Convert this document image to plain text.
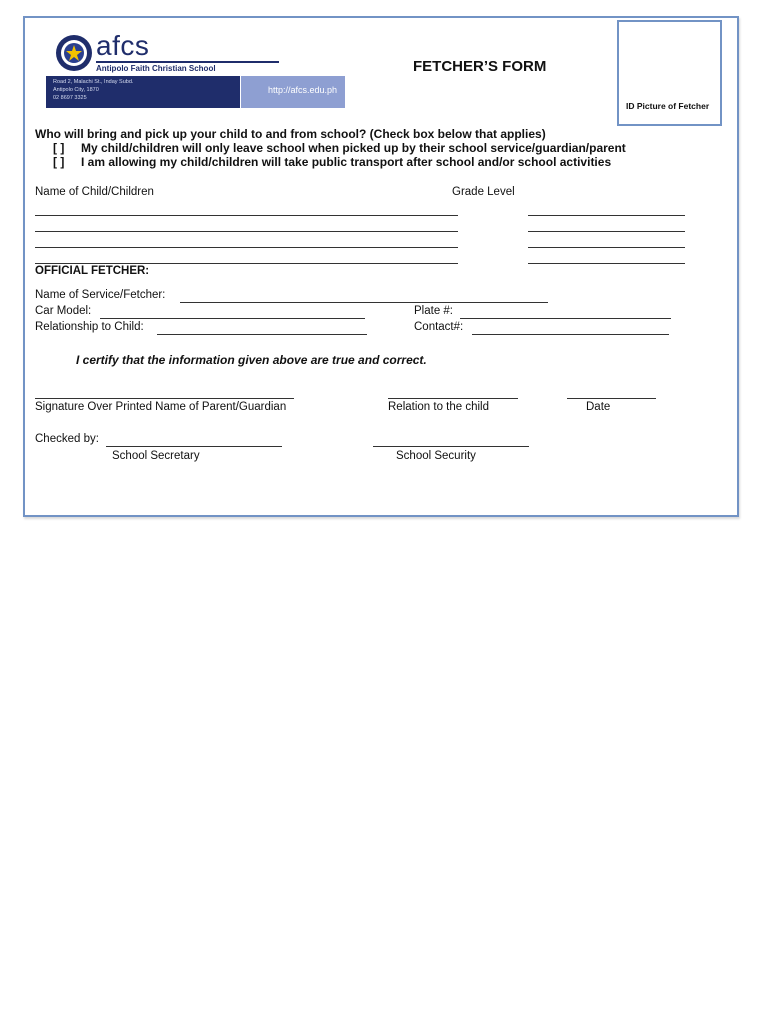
afcs
Antipolo Faith Christian School
Road 2, Malachi St., Inday Subd.
Antipolo City, 1870
02 8697 3325
http://afcs.edu.ph
FETCHER’S FORM
ID Picture of Fetcher
Who will bring and pick up your child to and from school? (Check box below that applies)
[ ] My child/children will only leave school when picked up by their school service/guardian/parent
[ ] I am allowing my child/children will take public transport after school and/or school activities
Name of Child/Children	Grade Level
OFFICIAL FETCHER:
Name of Service/Fetcher:
Car Model:	Plate #:
Relationship to Child:	Contact#:
I certify that the information given above are true and correct.
Signature Over Printed Name of Parent/Guardian	Relation to the child	Date
Checked by:
School Secretary	School Security
